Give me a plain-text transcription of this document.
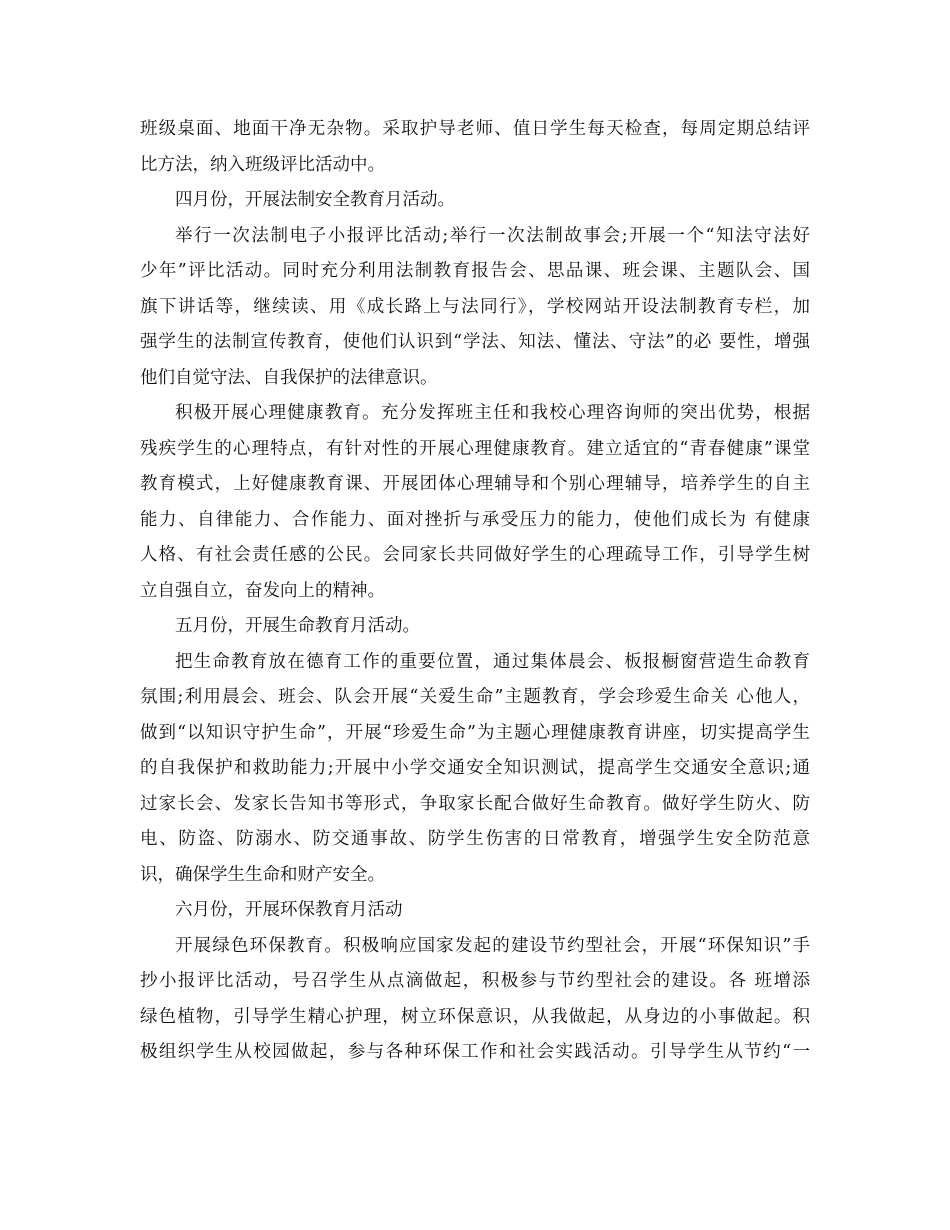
班级桌面、地面干净无杂物。采取护导老师、值日学生每天检查，每周定期总结评
比方法，纳入班级评比活动中。
四月份，开展法制安全教育月活动。
举行一次法制电子小报评比活动;举行一次法制故事会;开展一个“知法守法好
少年”评比活动。同时充分利用法制教育报告会、思品课、班会课、主题队会、国
旗下讲话等，继续读、用《成长路上与法同行》，学校网站开设法制教育专栏，加
强学生的法制宣传教育，使他们认识到“学法、知法、懂法、守法”的必 要性，增强
他们自觉守法、自我保护的法律意识。
积极开展心理健康教育。充分发挥班主任和我校心理咨询师的突出优势，根据
残疾学生的心理特点，有针对性的开展心理健康教育。建立适宜的“青春健康”课堂
教育模式，上好健康教育课、开展团体心理辅导和个别心理辅导，培养学生的自主
能力、自律能力、合作能力、面对挫折与承受压力的能力，使他们成长为 有健康
人格、有社会责任感的公民。会同家长共同做好学生的心理疏导工作，引导学生树
立自强自立，奋发向上的精神。
五月份，开展生命教育月活动。
把生命教育放在德育工作的重要位置，通过集体晨会、板报橱窗营造生命教育
氛围;利用晨会、班会、队会开展“关爱生命”主题教育，学会珍爱生命关 心他人，
做到“以知识守护生命”，开展“珍爱生命”为主题心理健康教育讲座，切实提高学生
的自我保护和救助能力;开展中小学交通安全知识测试，提高学生交通安全意识;通
过家长会、发家长告知书等形式，争取家长配合做好生命教育。做好学生防火、防
电、防盗、防溺水、防交通事故、防学生伤害的日常教育，增强学生安全防范意
识，确保学生生命和财产安全。
六月份，开展环保教育月活动
开展绿色环保教育。积极响应国家发起的建设节约型社会，开展“环保知识”手
抄小报评比活动，号召学生从点滴做起，积极参与节约型社会的建设。各 班增添
绿色植物，引导学生精心护理，树立环保意识，从我做起，从身边的小事做起。积
极组织学生从校园做起，参与各种环保工作和社会实践活动。引导学生从节约“一
